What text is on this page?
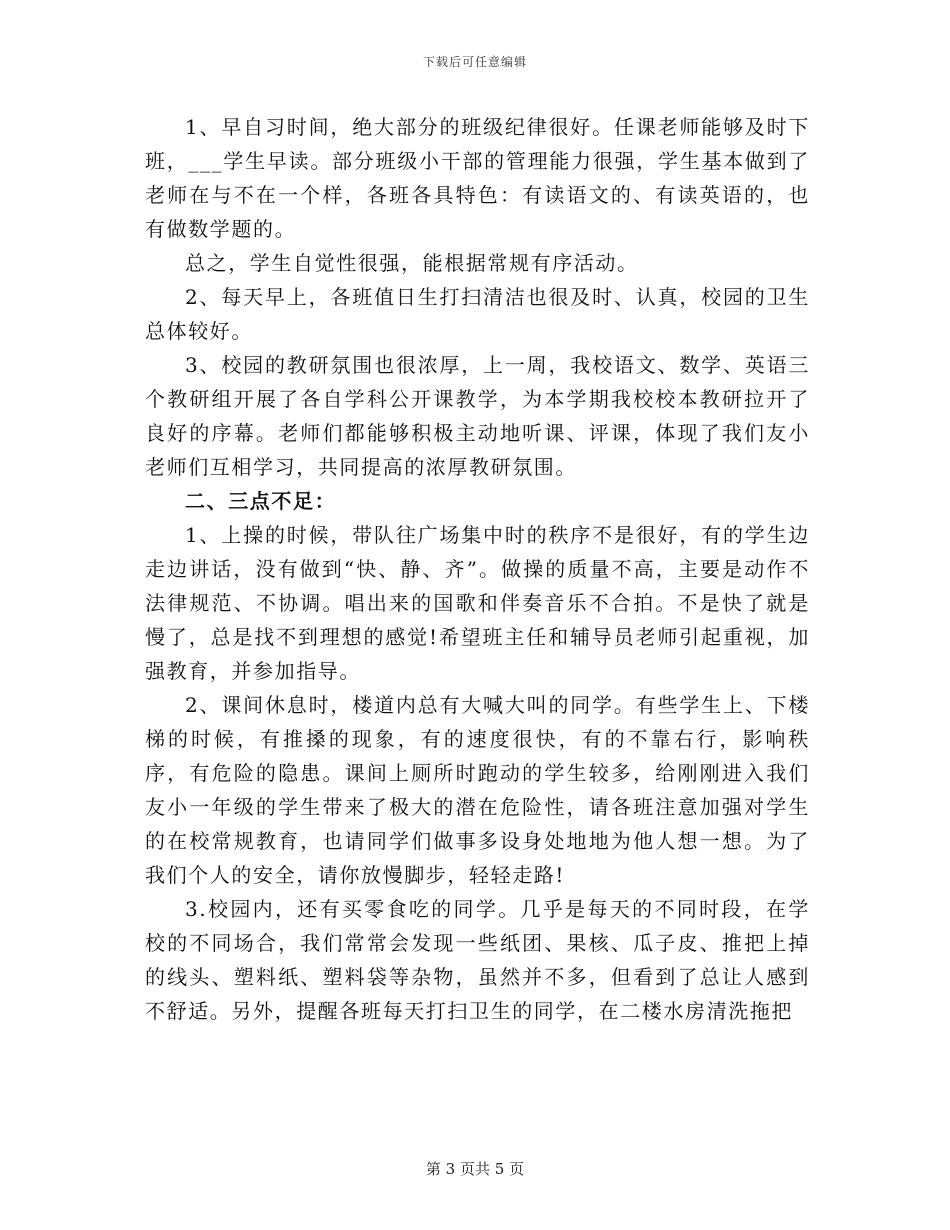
下载后可任意编辑

1、早自习时间，绝大部分的班级纪律很好。任课老师能够及时下班，___学生早读。部分班级小干部的管理能力很强，学生基本做到了老师在与不在一个样，各班各具特色：有读语文的、有读英语的，也有做数学题的。

总之，学生自觉性很强，能根据常规有序活动。

2、每天早上，各班值日生打扫清洁也很及时、认真，校园的卫生总体较好。

3、校园的教研氛围也很浓厚，上一周，我校语文、数学、英语三个教研组开展了各自学科公开课教学，为本学期我校校本教研拉开了良好的序幕。老师们都能够积极主动地听课、评课，体现了我们友小老师们互相学习，共同提高的浓厚教研氛围。

二、三点不足：

1、上操的时候，带队往广场集中时的秩序不是很好，有的学生边走边讲话，没有做到“快、静、齐”。做操的质量不高，主要是动作不法律规范、不协调。唱出来的国歌和伴奏音乐不合拍。不是快了就是慢了，总是找不到理想的感觉!希望班主任和辅导员老师引起重视，加强教育，并参加指导。

2、课间休息时，楼道内总有大喊大叫的同学。有些学生上、下楼梯的时候，有推搡的现象，有的速度很快，有的不靠右行，影响秩序，有危险的隐患。课间上厕所时跑动的学生较多，给刚刚进入我们友小一年级的学生带来了极大的潜在危险性，请各班注意加强对学生的在校常规教育，也请同学们做事多设身处地地为他人想一想。为了我们个人的安全，请你放慢脚步，轻轻走路!

3.校园内，还有买零食吃的同学。几乎是每天的不同时段，在学校的不同场合，我们常常会发现一些纸团、果核、瓜子皮、推把上掉的线头、塑料纸、塑料袋等杂物，虽然并不多，但看到了总让人感到不舒适。另外，提醒各班每天打扫卫生的同学，在二楼水房清洗拖把

第 3 页共 5 页
